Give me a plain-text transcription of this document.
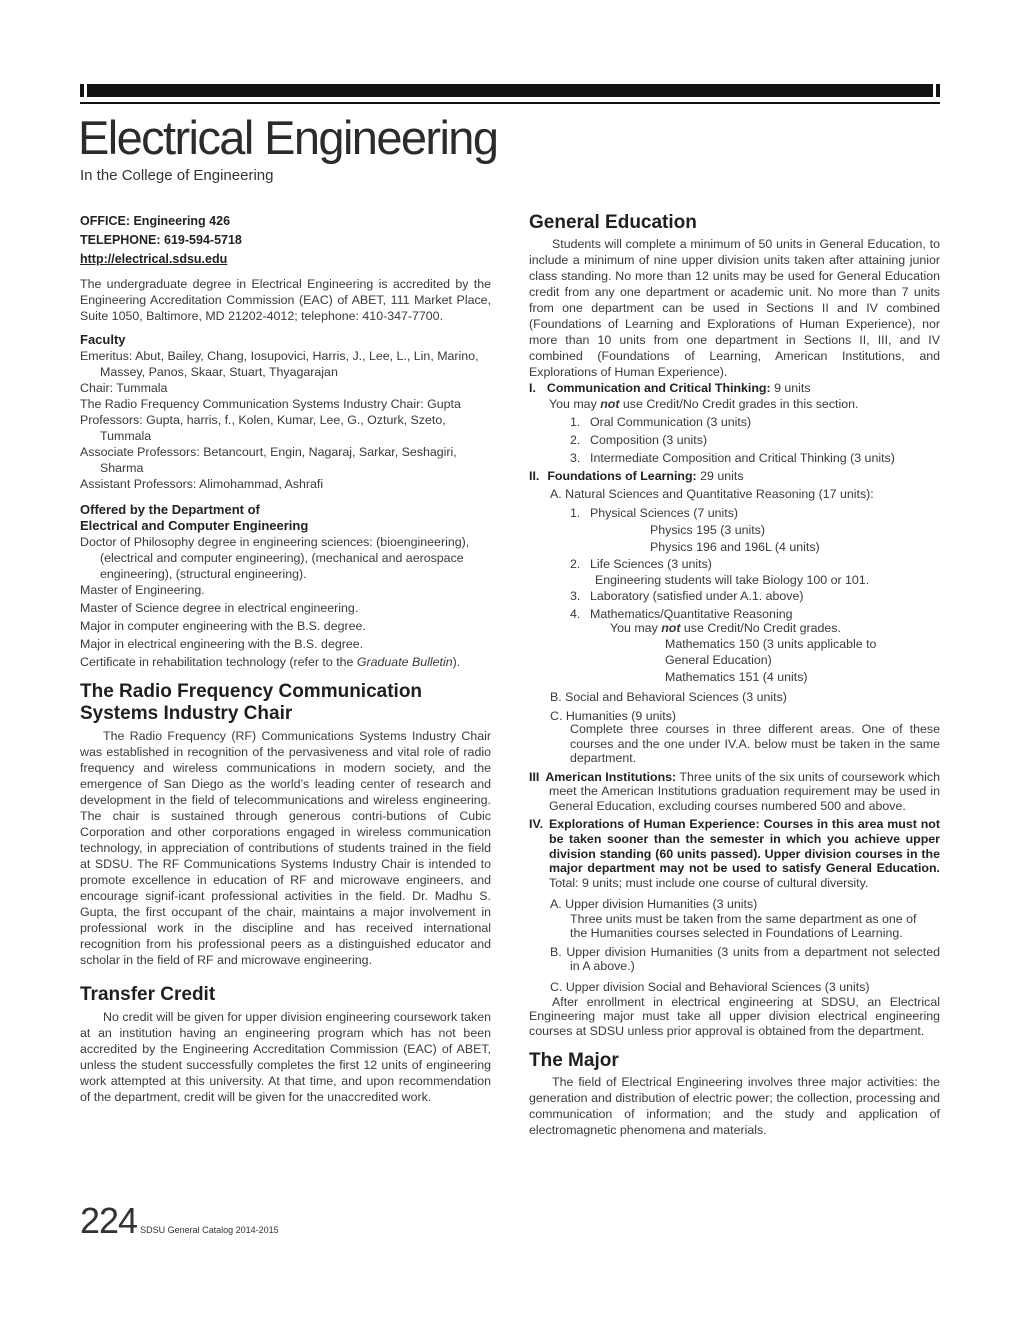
Electrical Engineering
In the College of Engineering
OFFICE: Engineering 426
TELEPHONE: 619-594-5718
http://electrical.sdsu.edu

The undergraduate degree in Electrical Engineering is accredited by the Engineering Accreditation Commission (EAC) of ABET, 111 Market Place, Suite 1050, Baltimore, MD 21202-4012; telephone: 410-347-7700.

Faculty
Emeritus: Abut, Bailey, Chang, Iosupovici, Harris, J., Lee, L., Lin, Marino, Massey, Panos, Skaar, Stuart, Thyagarajan
Chair: Tummala
The Radio Frequency Communication Systems Industry Chair: Gupta
Professors: Gupta, harris, f., Kolen, Kumar, Lee, G., Ozturk, Szeto, Tummala
Associate Professors: Betancourt, Engin, Nagaraj, Sarkar, Seshagiri, Sharma
Assistant Professors: Alimohammad, Ashrafi
Offered by the Department of
Electrical and Computer Engineering
Doctor of Philosophy degree in engineering sciences: (bioengineering), (electrical and computer engineering), (mechanical and aerospace engineering), (structural engineering).
Master of Engineering.
Master of Science degree in electrical engineering.
Major in computer engineering with the B.S. degree.
Major in electrical engineering with the B.S. degree.
Certificate in rehabilitation technology (refer to the Graduate Bulletin).
The Radio Frequency Communication Systems Industry Chair

The Radio Frequency (RF) Communications Systems Industry Chair was established in recognition of the pervasiveness and vital role of radio frequency and wireless communications in modern society, and the emergence of San Diego as the world’s leading center of research and development in the field of telecommunications and wireless engineering. The chair is sustained through generous contri-butions of Cubic Corporation and other corporations engaged in wireless communication technology, in appreciation of contributions of students trained in the field at SDSU. The RF Communications Systems Industry Chair is intended to promote excellence in education of RF and microwave engineers, and encourage signif-icant professional activities in the field. Dr. Madhu S. Gupta, the first occupant of the chair, maintains a major involvement in professional work in the discipline and has received international recognition from his professional peers as a distinguished educator and scholar in the field of RF and microwave engineering.

Transfer Credit

No credit will be given for upper division engineering coursework taken at an institution having an engineering program which has not been accredited by the Engineering Accreditation Commission (EAC) of ABET, unless the student successfully completes the first 12 units of engineering work attempted at this university. At that time, and upon recommendation of the department, credit will be given for the unaccredited work.

General Education

Students will complete a minimum of 50 units in General Education, to include a minimum of nine upper division units taken after attaining junior class standing. No more than 12 units may be used for General Education credit from any one department or academic unit. No more than 7 units from one department can be used in Sections II and IV combined (Foundations of Learning and Explorations of Human Experience), nor more than 10 units from one department in Sections II, III, and IV combined (Foundations of Learning, American Institutions, and Explorations of Human Experience).

I. Communication and Critical Thinking: 9 units
You may not use Credit/No Credit grades in this section.
1. Oral Communication (3 units)
2. Composition (3 units)
3. Intermediate Composition and Critical Thinking (3 units)
II. Foundations of Learning: 29 units
A. Natural Sciences and Quantitative Reasoning (17 units):
1. Physical Sciences (7 units)
Physics 195 (3 units)
Physics 196 and 196L (4 units)
2. Life Sciences (3 units)
Engineering students will take Biology 100 or 101.
3. Laboratory (satisfied under A.1. above)
4. Mathematics/Quantitative Reasoning
You may not use Credit/No Credit grades.
Mathematics 150 (3 units applicable to General Education)
Mathematics 151 (4 units)
B. Social and Behavioral Sciences (3 units)
C. Humanities (9 units)
Complete three courses in three different areas. One of these courses and the one under IV.A. below must be taken in the same department.
III American Institutions: Three units of the six units of coursework which meet the American Institutions graduation requirement may be used in General Education, excluding courses numbered 500 and above.
IV. Explorations of Human Experience: Courses in this area must not be taken sooner than the semester in which you achieve upper division standing (60 units passed). Upper division courses in the major department may not be used to satisfy General Education. Total: 9 units; must include one course of cultural diversity.
A. Upper division Humanities (3 units)
Three units must be taken from the same department as one of the Humanities courses selected in Foundations of Learning.
B. Upper division Humanities (3 units from a department not selected in A above.)
C. Upper division Social and Behavioral Sciences (3 units)

After enrollment in electrical engineering at SDSU, an Electrical Engineering major must take all upper division electrical engineering courses at SDSU unless prior approval is obtained from the department.

The Major

The field of Electrical Engineering involves three major activities: the generation and distribution of electric power; the collection, processing and communication of information; and the study and application of electromagnetic phenomena and materials.

224 SDSU General Catalog 2014-2015
